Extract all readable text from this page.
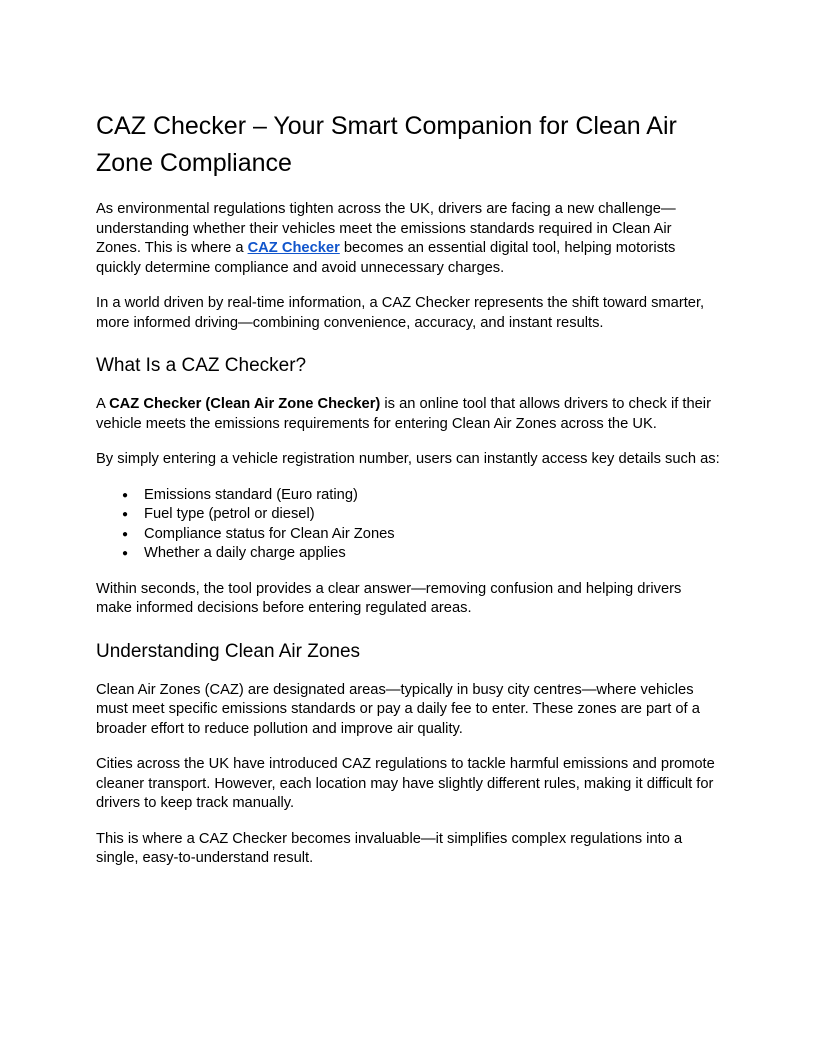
CAZ Checker – Your Smart Companion for Clean Air Zone Compliance

As environmental regulations tighten across the UK, drivers are facing a new challenge—understanding whether their vehicles meet the emissions standards required in Clean Air Zones. This is where a CAZ Checker becomes an essential digital tool, helping motorists quickly determine compliance and avoid unnecessary charges.

In a world driven by real-time information, a CAZ Checker represents the shift toward smarter, more informed driving—combining convenience, accuracy, and instant results.

What Is a CAZ Checker?

A CAZ Checker (Clean Air Zone Checker) is an online tool that allows drivers to check if their vehicle meets the emissions requirements for entering Clean Air Zones across the UK.

By simply entering a vehicle registration number, users can instantly access key details such as:

● Emissions standard (Euro rating)
● Fuel type (petrol or diesel)
● Compliance status for Clean Air Zones
● Whether a daily charge applies

Within seconds, the tool provides a clear answer—removing confusion and helping drivers make informed decisions before entering regulated areas.

Understanding Clean Air Zones

Clean Air Zones (CAZ) are designated areas—typically in busy city centres—where vehicles must meet specific emissions standards or pay a daily fee to enter. These zones are part of a broader effort to reduce pollution and improve air quality.

Cities across the UK have introduced CAZ regulations to tackle harmful emissions and promote cleaner transport. However, each location may have slightly different rules, making it difficult for drivers to keep track manually.

This is where a CAZ Checker becomes invaluable—it simplifies complex regulations into a single, easy-to-understand result.
